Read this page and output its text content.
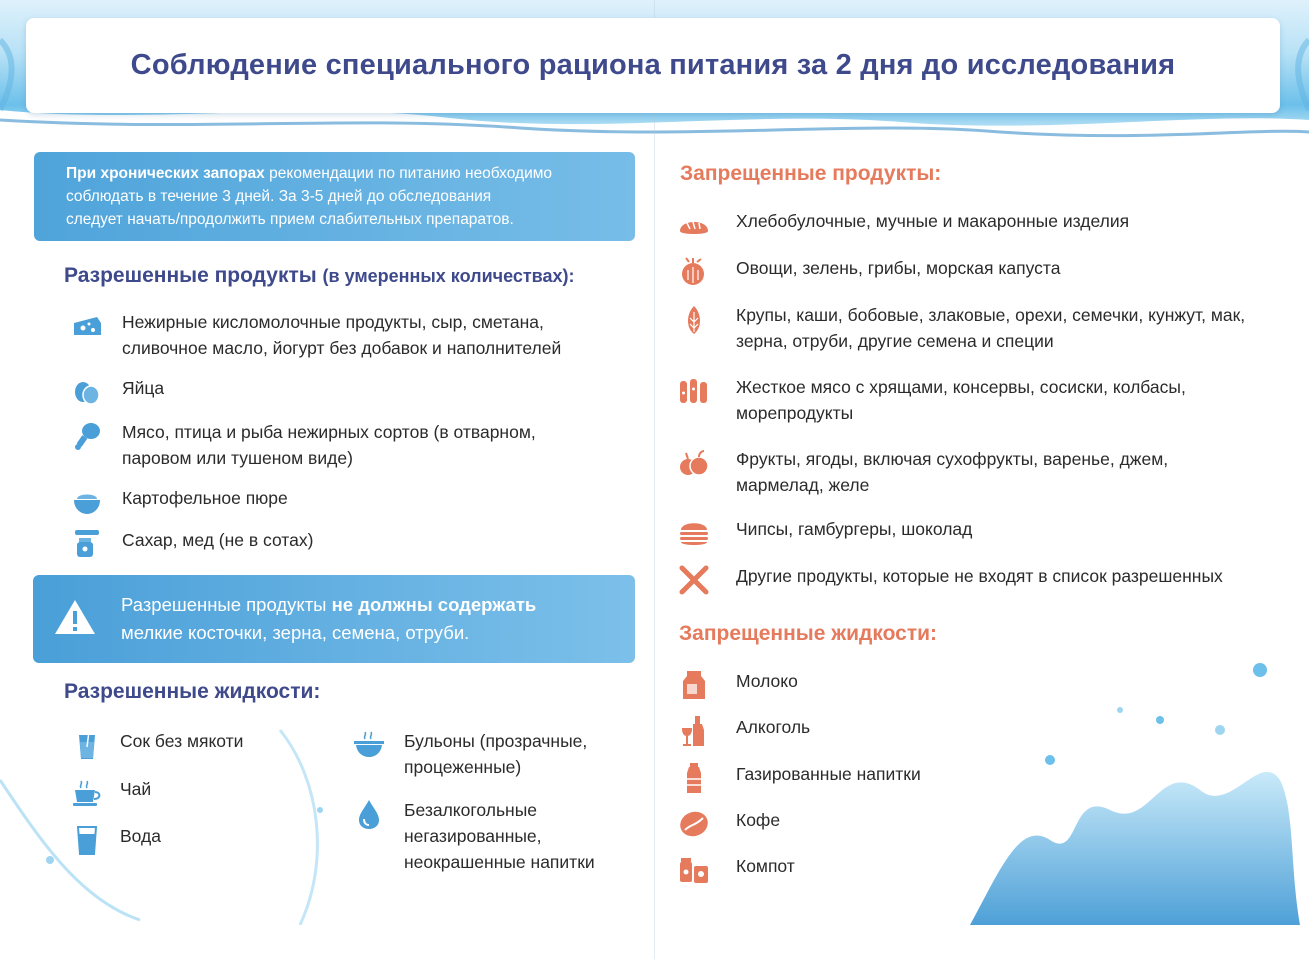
Соблюдение специального рациона питания за 2 дня до исследования
При хронических запорах рекомендации по питанию необходимо
соблюдать в течение 3 дней. За 3-5 дней до обследования
следует начать/продолжить прием слабительных препаратов.
Разрешенные продукты (в умеренных количествах):
Нежирные кисломолочные продукты, сыр, сметана,
сливочное масло, йогурт без добавок и наполнителей
Яйца
Мясо, птица и рыба нежирных сортов (в отварном,
паровом или тушеном виде)
Картофельное пюре
Сахар, мед (не в сотах)
Разрешенные продукты не должны содержать
мелкие косточки, зерна, семена, отруби.
Разрешенные жидкости:
Сок без мякоти
Чай
Вода
Бульоны (прозрачные,
процеженные)
Безалкогольные
негазированные,
неокрашенные напитки
Запрещенные продукты:
Хлебобулочные, мучные и макаронные изделия
Овощи, зелень, грибы, морская капуста
Крупы, каши, бобовые, злаковые, орехи, семечки, кунжут, мак,
зерна, отруби, другие семена и специи
Жесткое мясо с хрящами, консервы, сосиски, колбасы,
морепродукты
Фрукты, ягоды, включая сухофрукты, варенье, джем,
мармелад, желе
Чипсы, гамбургеры, шоколад
Другие продукты, которые не входят в список разрешенных
Запрещенные жидкости:
Молоко
Алкоголь
Газированные напитки
Кофе
Компот
